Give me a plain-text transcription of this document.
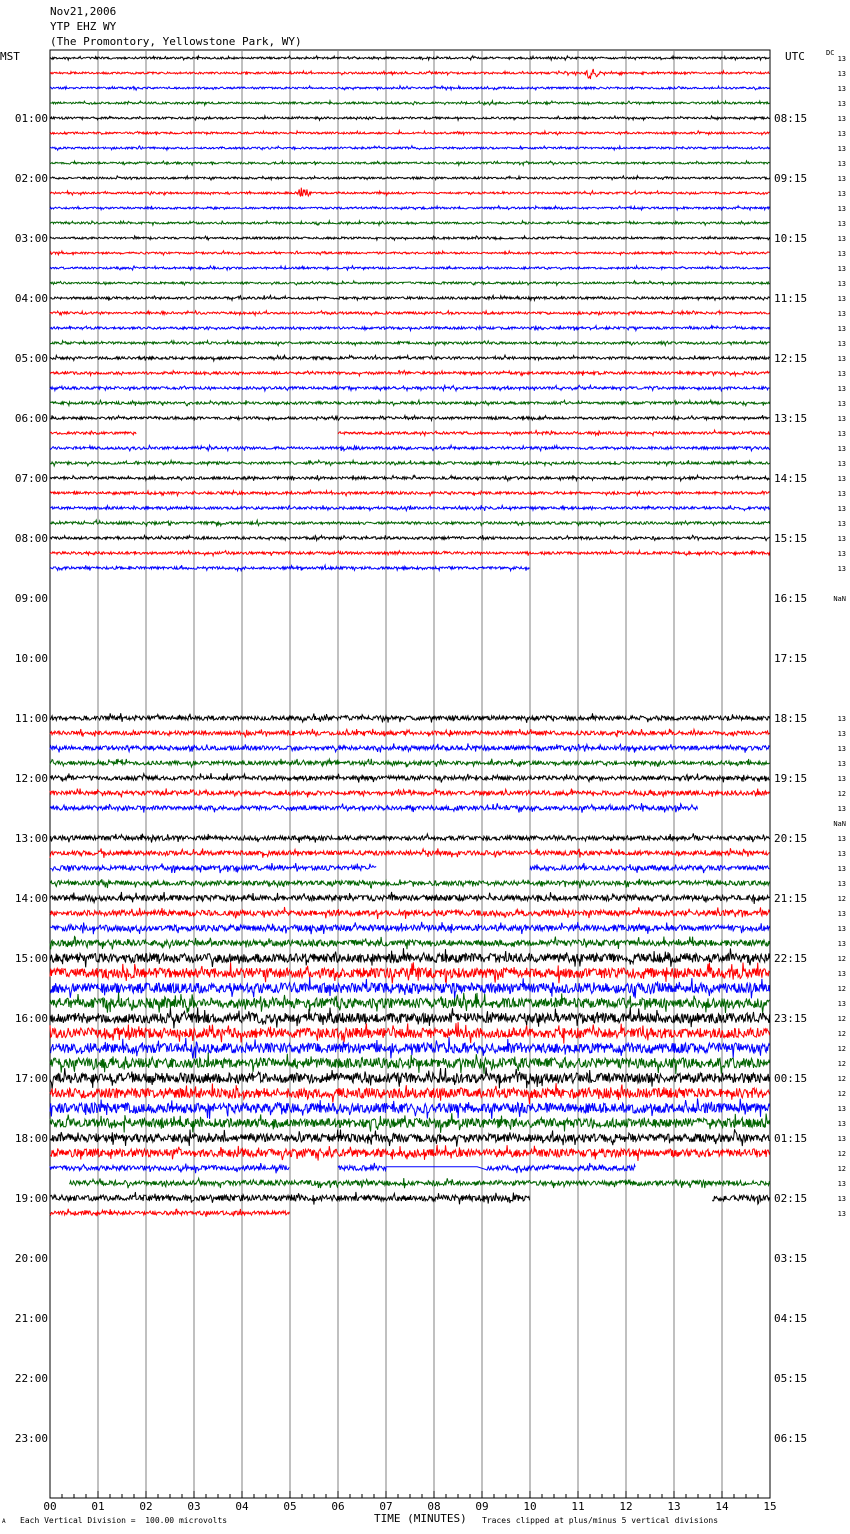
Nov21,2006
YTP EHZ WY
(The Promontory, Yellowstone Park, WY)
MST	UTC	DC
01:00
02:00
03:00
04:00
05:00
06:00
07:00
08:00
09:00
10:00
11:00
12:00
13:00
14:00
15:00
16:00
17:00
18:00
19:00
20:00
21:00
22:00
23:00
08:15
09:15
10:15
11:15
12:15
13:15
14:15
15:15
16:15
17:15
18:15
19:15
20:15
21:15
22:15
23:15
00:15
01:15
02:15
03:15
04:15
05:15
06:15
13
13
13
13
13
13
13
13
13
13
13
13
13
13
13
13
13
13
13
13
13
13
13
13
13
13
13
13
13
13
13
13
13
13
13
NaN
13
13
13
13
13
12
13
NaN
13
13
13
13
12
13
13
13
12
13
12
13
12
12
12
12
12
12
13
13
13
12
12
13
13
13
00	01	02	03	04	05	06	07	08	09	10	11	12	13	14	15
A Each Vertical Division =  100.00 microvolts	TIME (MINUTES) Traces clipped at plus/minus 5 vertical divisions
